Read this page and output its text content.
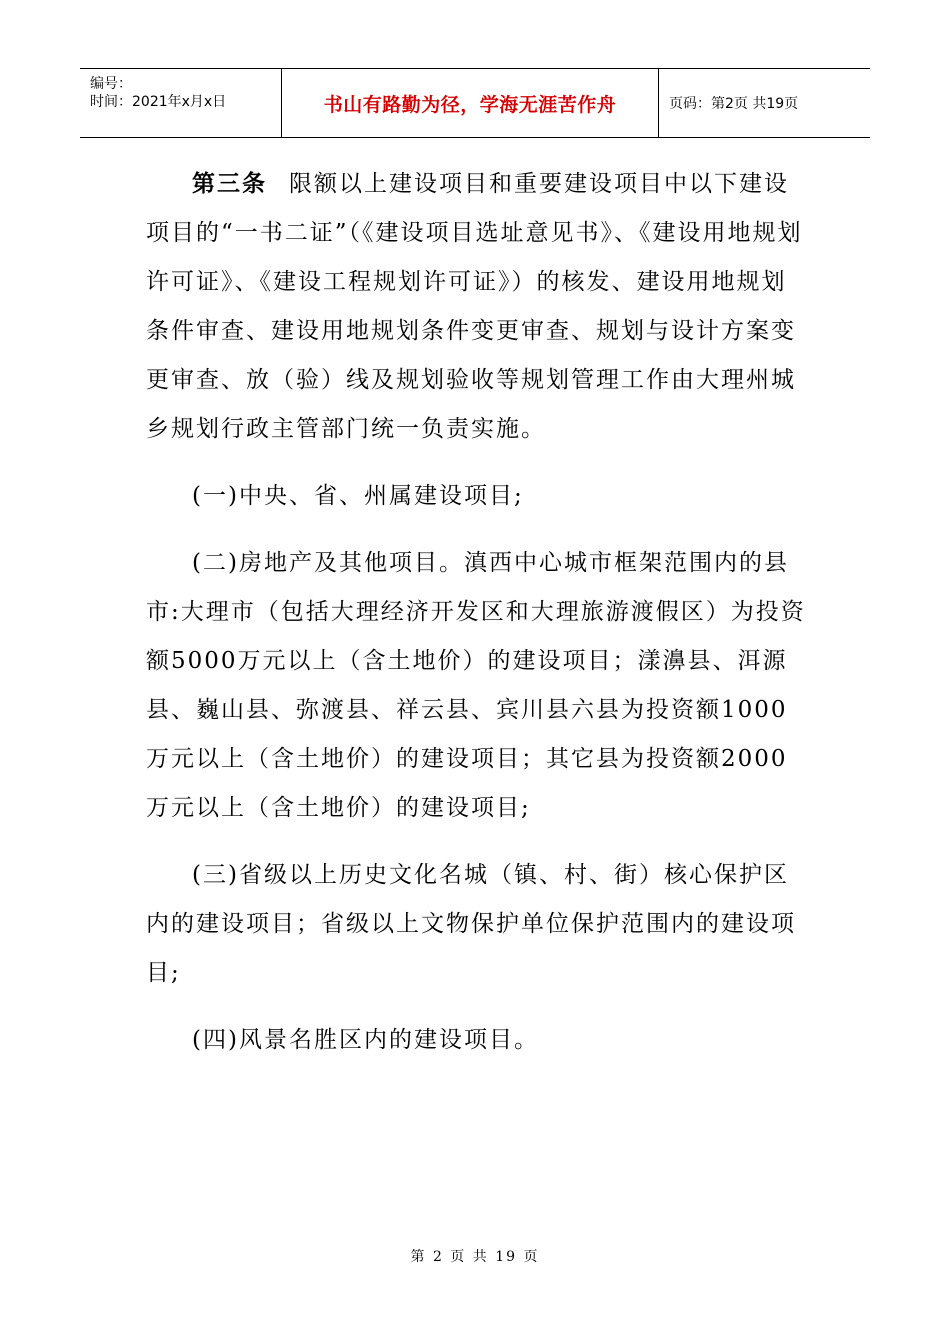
编号：
时间：2021年x月x日	书山有路勤为径，学海无涯苦作舟	页码：第2页 共19页

第三条 限额以上建设项目和重要建设项目中以下建设项目的“一书二证”（《建设项目选址意见书》、《建设用地规划许可证》、《建设工程规划许可证》）的核发、建设用地规划条件审查、建设用地规划条件变更审查、规划与设计方案变更审查、放（验）线及规划验收等规划管理工作由大理州城乡规划行政主管部门统一负责实施。

(一)中央、省、州属建设项目;

(二)房地产及其他项目。滇西中心城市框架范围内的县市:大理市（包括大理经济开发区和大理旅游渡假区）为投资额5000万元以上（含土地价）的建设项目；漾濞县、洱源县、巍山县、弥渡县、祥云县、宾川县六县为投资额1000万元以上（含土地价）的建设项目；其它县为投资额2000万元以上（含土地价）的建设项目;

(三)省级以上历史文化名城（镇、村、街）核心保护区内的建设项目；省级以上文物保护单位保护范围内的建设项目;

(四)风景名胜区内的建设项目。

第 2 页 共 19 页
